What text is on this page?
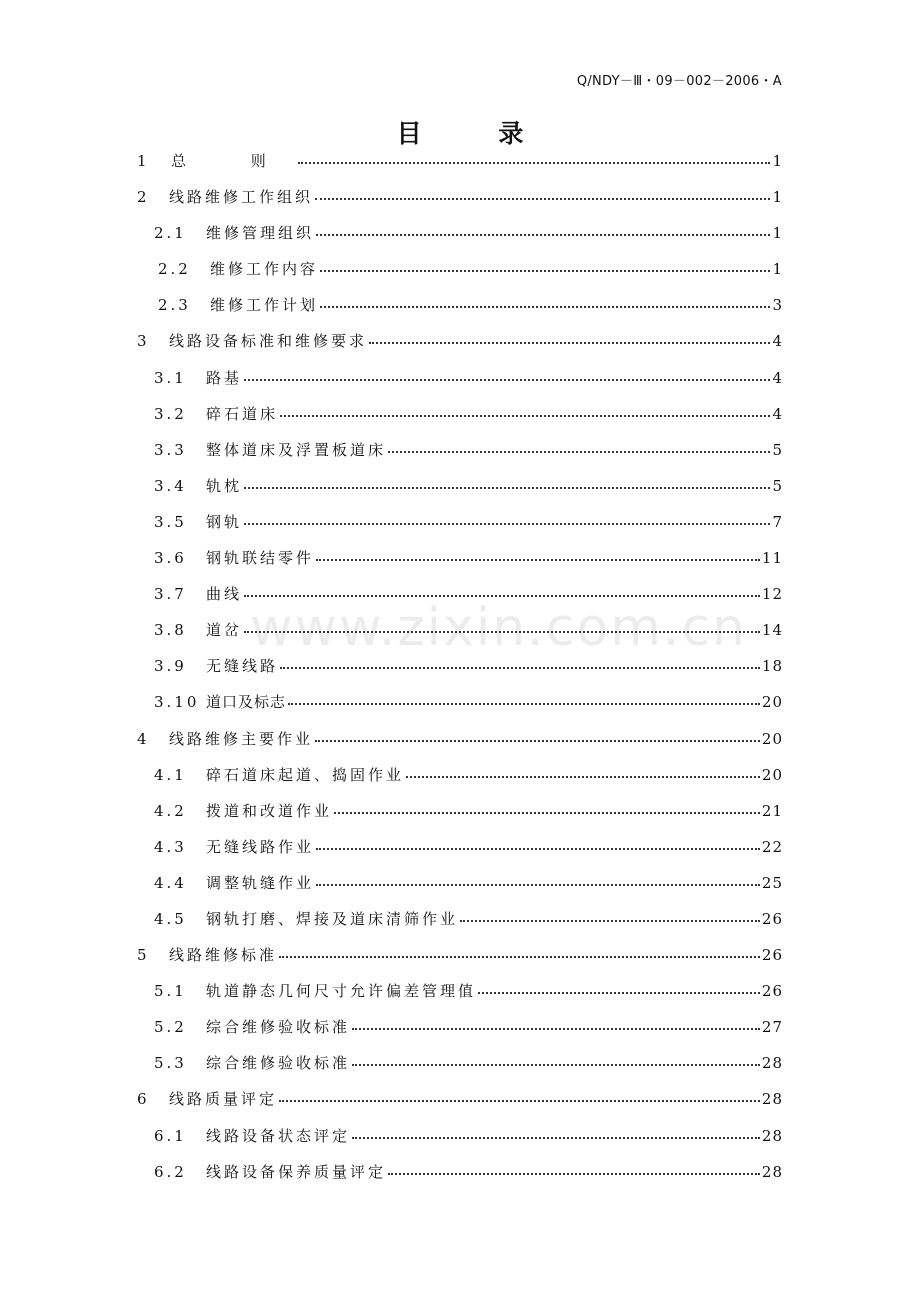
Q/NDY－Ⅲ・09－002－2006・A
目 录
www.zixin.com.cn
1	总 则	1
2	线路维修工作组织	1
2.1	维修管理组织	1
2.2	维修工作内容	1
2.3	维修工作计划	3
3	线路设备标准和维修要求	4
3.1	路基	4
3.2	碎石道床	4
3.3	整体道床及浮置板道床	5
3.4	轨枕	5
3.5	钢轨	7
3.6	钢轨联结零件	11
3.7	曲线	12
3.8	道岔	14
3.9	无缝线路	18
3.10 道口及标志	20
4	线路维修主要作业	20
4.1	碎石道床起道、捣固作业	20
4.2	拨道和改道作业	21
4.3	无缝线路作业	22
4.4	调整轨缝作业	25
4.5	钢轨打磨、焊接及道床清筛作业	26
5	线路维修标准	26
5.1	轨道静态几何尺寸允许偏差管理值	26
5.2	综合维修验收标准	27
5.3	综合维修验收标准	28
6	线路质量评定	28
6.1	线路设备状态评定	28
6.2	线路设备保养质量评定	28
